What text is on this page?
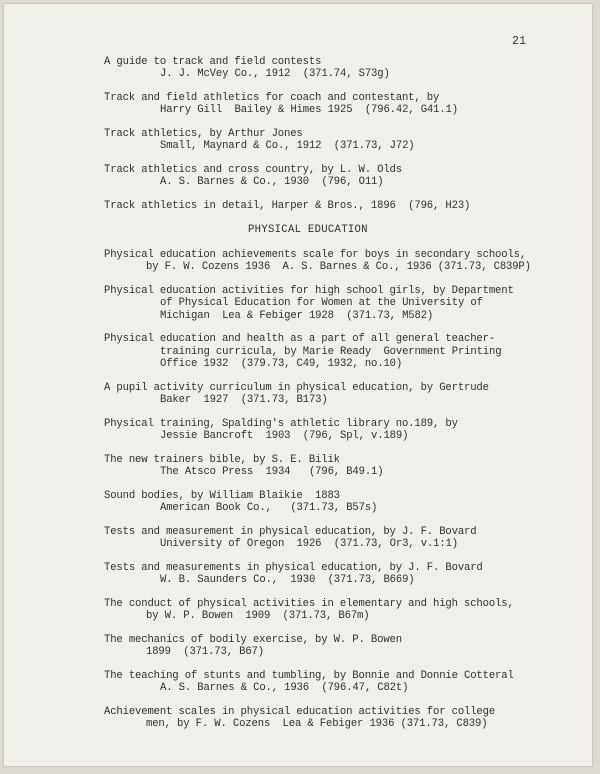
21
A guide to track and field contests
J. J. McVey Co., 1912  (371.74, S73g)
Track and field athletics for coach and contestant, by
Harry Gill  Bailey & Himes 1925  (796.42, G41.1)
Track athletics, by Arthur Jones
Small, Maynard & Co., 1912  (371.73, J72)
Track athletics and cross country, by L. W. Olds
A. S. Barnes & Co., 1930  (796, O11)
Track athletics in detail, Harper & Bros., 1896  (796, H23)
PHYSICAL EDUCATION
Physical education achievements scale for boys in secondary schools,
by F. W. Cozens 1936  A. S. Barnes & Co., 1936 (371.73, C839P)
Physical education activities for high school girls, by Department
of Physical Education for Women at the University of
Michigan  Lea & Febiger 1928  (371.73, M582)
Physical education and health as a part of all general teacher-
training curricula, by Marie Ready  Government Printing
Office 1932  (379.73, C49, 1932, no.10)
A pupil activity curriculum in physical education, by Gertrude
Baker  1927  (371.73, B173)
Physical training, Spalding's athletic library no.189, by
Jessie Bancroft  1903  (796, Spl, v.189)
The new trainers bible, by S. E. Bilik
The Atsco Press  1934   (796, B49.1)
Sound bodies, by William Blaikie  1883
American Book Co.,   (371.73, B57s)
Tests and measurement in physical education, by J. F. Bovard
University of Oregon  1926  (371.73, Or3, v.1:1)
Tests and measurements in physical education, by J. F. Bovard
W. B. Saunders Co.,  1930  (371.73, B669)
The conduct of physical activities in elementary and high schools,
by W. P. Bowen  1909  (371.73, B67m)
The mechanics of bodily exercise, by W. P. Bowen
1899  (371.73, B67)
The teaching of stunts and tumbling, by Bonnie and Donnie Cotteral
A. S. Barnes & Co., 1936  (796.47, C82t)
Achievement scales in physical education activities for college
men, by F. W. Cozens  Lea & Febiger 1936 (371.73, C839)
